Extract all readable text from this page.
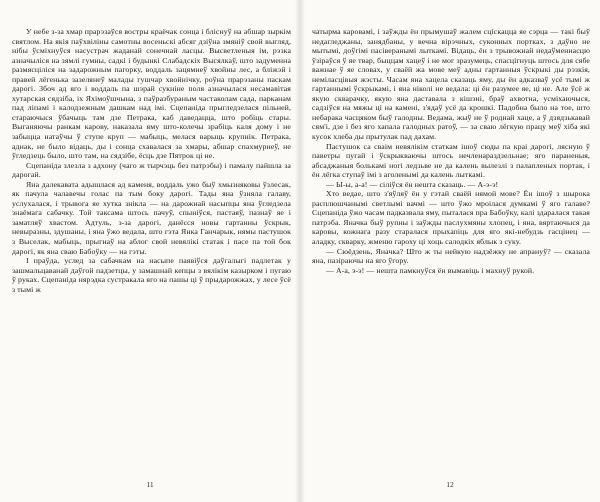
У небе з-за хмар прарэзаўся востры краёчак сонца і бліснуў на абшар зыркім святлом. На якія паўхвіліны самотны восеньскі абсяг дзіўна змяніў свой выгляд, нібы ўсміхнуўся насустрач жаданай сонечнай ласцы. Высветленыя ім, рэзка азначыліся на зямлі гумны, садкі і будынкі Слабадскіх Высялкаў, што задуменна размясціліся на задарожным пагорку, воддаль зацямнеў хвойны лес, а бліжэй і правей лёгенька зазелянеў малады гушчар хвойнічку, роўна прарэзаны паскам дарогі. Збоч ад яго і воддаль па шэрай сукніне поля азначылася несамавітая хутарская сядзіба, іх Яхімоўшчына, з паўразбураным частаколам сада, парканам пад ліпамі і калодзежным дашкам над імі. Сцепаніда прыгледзелася пільней, стараючыся ўбачыць там дзе Петрака, каб даведацца, што робіць стары. Выганяючы ранкам карову, наказала яму што-колечы зрабіць каля дому і не забыцца натаўчы ў ступе круп — мабыць, мелася варыць крупнік. Петрака, аднак, не было відаць, ды і сонца схавалася за хмары, абшар спахмурнеў, не ўгледзець было, што там, на сядзібе, ёсць дзе Пятрок ці не.

Сцепаніда злезла з адхону (чаго ж тырчэць без патрэбы) і памалу пайшла за дарогай.

Яна далекавата адышлася ад каменя, воддаль ужо быў хмызняковы ўзлесак, як пачула чалавечы голас па тым боку дарогі. Тады яна ўзняла галаву, услухалася, і трывога яе хутка знікла — на дарожнай насыпцы яна ўгледзела знаёмага сабачку. Той таксама штось пачуў, спыніўся, пастаяў, пазнаў яе і заматляў хвастом. Адтуль, з-за дарогі, данёсся новы гартанны ўскрык, невыразны, здушаны, і яна ўжо ведала, што гэта Янка Ганчарык, нямы пастушок з Выселак, мабыць, прыгнаў на аблог свой невялікі статак і пасе па той бок дарогі, як яна сваю Бабоўку — на гэты.

І праўда, услед за сабачкам на насыпе паявіўся даўгалыгі падлетак у зашмальцаванай даўгой падзетцы, у замашнай кепцы з вялікім казырком і пугаю ў руках. Сцепаніда нярэдка сустракала яго на пашы ці ў прыдарожжах, у лесе ўсё з тымі ж

11

чатырма каровамі, і заўжды ён прымушаў жалем сціскацца яе сэрца — такі быў недагледжаны, занядбаны, у вечна вірэчных, суконных портках, з даўно не мытымі, доўгімі пасіверанымі лыткамі. Відаць, ён з трывожнай недаўменнасцю ўзіраўся ў яе твар, быццам хацеў і не мог зразумець, спасцігнуць штось для сябе важнае ў яе словах, у сваёй жа мове меў адны гартанныя ўскрыкі ды рэзкія, неміласцівыя жэсты. Часам яна хацела сказаць яму, ды ён адказваў усё тымі ж гартаннымі ўскрыкамі, і яна ніколі не ведала: ці ён разумее яе, ці не. Але ўсё ж якую скварачку, якую яна даставала з кішэні, браў ахвотна, усміхаючыся, садзіўся на мяжы ці на камені, з'ядаў усё да крошкі. Падобна было на тое, што небарака часцяком быў галодны. Ведама, жыў не ў роднай хаце, а ў дзядзькавай сям'і, дзе і без яго хапала галодных ратоў, — за сваю лёгкую працу меў хіба які кусок хлеба ды прытулак пад дахам.

Пастушок са сваім невялікім статкам ішоў сюды па краі дарогі, лясную ў паветры пугай і ўскрыкваючы штось нечленараздзельнае; яго параненыя, абсаджаныя болькамі ногі ледзьве не да калень вылезлі з палапленых портак, і ён лёгка ступаў імі з аголенымі да калень лыткамі.

— Ы-ы, а-а! — сіліўся ён нешта сказаць. — А-э-э!

Хто ведае, што з'яўляў ён у гэтай сваёй нямой мове? Ён ішоў з шырока расплюшчанымі светлымі вачмі — што ўжо мроілася думкамі ў яго галаве? Сцепаніда ўжо часам падказвала яму, пыталася пра Бабоўку, калі здаралася такая патрэба. Яначка быў рупны і заўжды паслухмяны хлопец, і яна, вяртаючыся да каровы, кожнага разу старалася прыхапіць для яго які-небудзь гасцінец — аладку, скварку, жменю гароху ці хоць салодкіх яблык з суку.

— Сюёдзень, Яначка? Што ж ты нейкую надзёжку не апрануў? — сказала яна, пазіраючы на яго ўгору.

— А-а, э-э! — нешта памкнуўся ён вымавіць і махнуў рукой.

12
